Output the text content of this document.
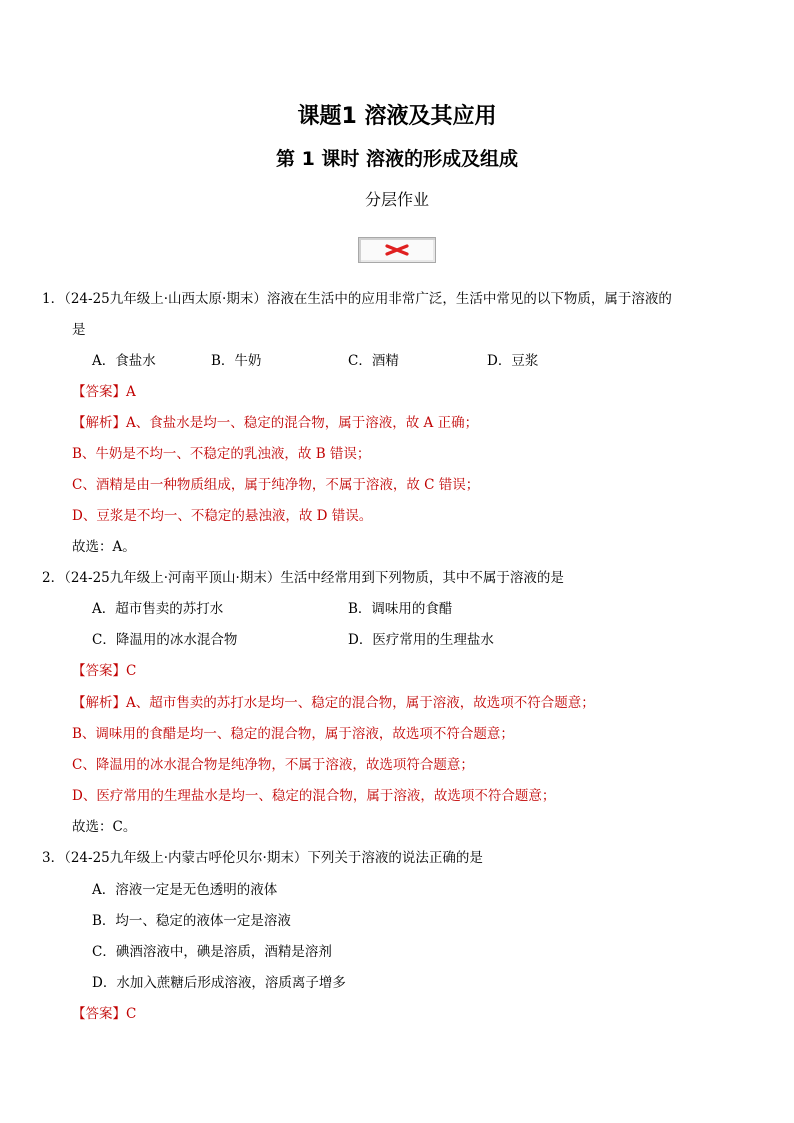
课题1 溶液及其应用
第 1 课时 溶液的形成及组成
分层作业
1．（24-25九年级上·山西太原·期末）溶液在生活中的应用非常广泛，生活中常见的以下物质，属于溶液的
是
A．食盐水	B．牛奶	C．酒精	D．豆浆
【答案】A
【解析】A、食盐水是均一、稳定的混合物，属于溶液，故 A 正确；
B、牛奶是不均一、不稳定的乳浊液，故 B 错误；
C、酒精是由一种物质组成，属于纯净物，不属于溶液，故 C 错误；
D、豆浆是不均一、不稳定的悬浊液，故 D 错误。
故选：A。
2．（24-25九年级上·河南平顶山·期末）生活中经常用到下列物质，其中不属于溶液的是
A．超市售卖的苏打水	B．调味用的食醋
C．降温用的冰水混合物	D．医疗常用的生理盐水
【答案】C
【解析】A、超市售卖的苏打水是均一、稳定的混合物，属于溶液，故选项不符合题意；
B、调味用的食醋是均一、稳定的混合物，属于溶液，故选项不符合题意；
C、降温用的冰水混合物是纯净物，不属于溶液，故选项符合题意；
D、医疗常用的生理盐水是均一、稳定的混合物，属于溶液，故选项不符合题意；
故选：C。
3．（24-25九年级上·内蒙古呼伦贝尔·期末）下列关于溶液的说法正确的是
A．溶液一定是无色透明的液体
B．均一、稳定的液体一定是溶液
C．碘酒溶液中，碘是溶质，酒精是溶剂
D．水加入蔗糖后形成溶液，溶质离子增多
【答案】C
